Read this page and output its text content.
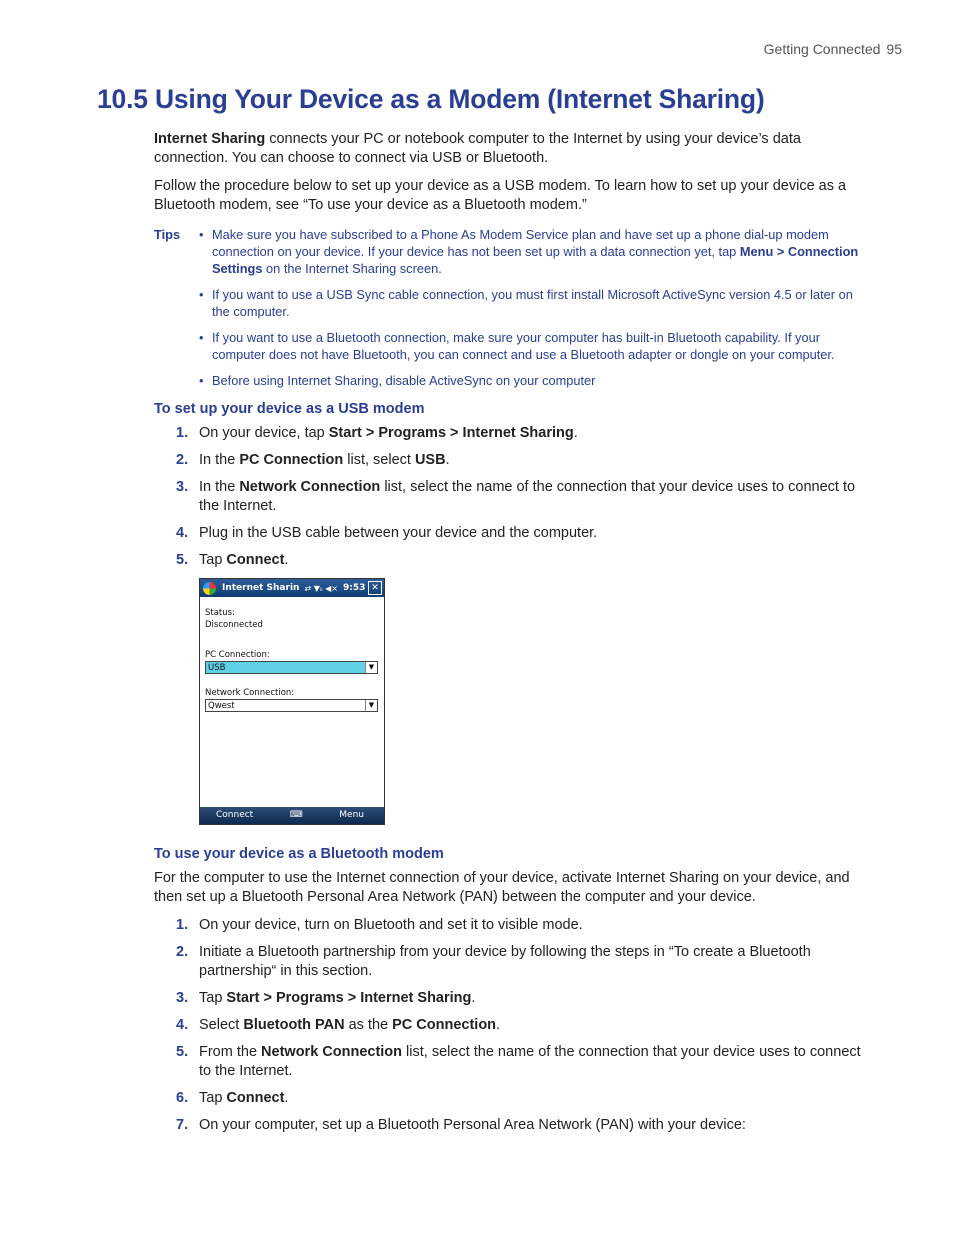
Getting Connected 95
10.5 Using Your Device as a Modem (Internet Sharing)

Internet Sharing connects your PC or notebook computer to the Internet by using your device’s data connection. You can choose to connect via USB or Bluetooth.

Follow the procedure below to set up your device as a USB modem. To learn how to set up your device as a Bluetooth modem, see “To use your device as a Bluetooth modem.”

Tips
• Make sure you have subscribed to a Phone As Modem Service plan and have set up a phone dial-up modem connection on your device. If your device has not been set up with a data connection yet, tap Menu > Connection Settings on the Internet Sharing screen.
• If you want to use a USB Sync cable connection, you must first install Microsoft ActiveSync version 4.5 or later on the computer.
• If you want to use a Bluetooth connection, make sure your computer has built-in Bluetooth capability. If your computer does not have Bluetooth, you can connect and use a Bluetooth adapter or dongle on your computer.
• Before using Internet Sharing, disable ActiveSync on your computer
To set up your device as a USB modem
1. On your device, tap Start > Programs > Internet Sharing.
2. In the PC Connection list, select USB.
3. In the Network Connection list, select the name of the connection that your device uses to connect to the Internet.
4. Plug in the USB cable between your device and the computer.
5. Tap Connect.
Internet Sharin ⇄ ▼ᵢₗ ◀× 9:53 ✕
Status:
Disconnected
PC Connection:
USB	▼
Network Connection:
Qwest	▼
Connect	⌨	Menu
To use your device as a Bluetooth modem

For the computer to use the Internet connection of your device, activate Internet Sharing on your device, and then set up a Bluetooth Personal Area Network (PAN) between the computer and your device.

1. On your device, turn on Bluetooth and set it to visible mode.
2. Initiate a Bluetooth partnership from your device by following the steps in “To create a Bluetooth partnership“ in this section.
3. Tap Start > Programs > Internet Sharing.
4. Select Bluetooth PAN as the PC Connection.
5. From the Network Connection list, select the name of the connection that your device uses to connect to the Internet.
6. Tap Connect.
7. On your computer, set up a Bluetooth Personal Area Network (PAN) with your device:
